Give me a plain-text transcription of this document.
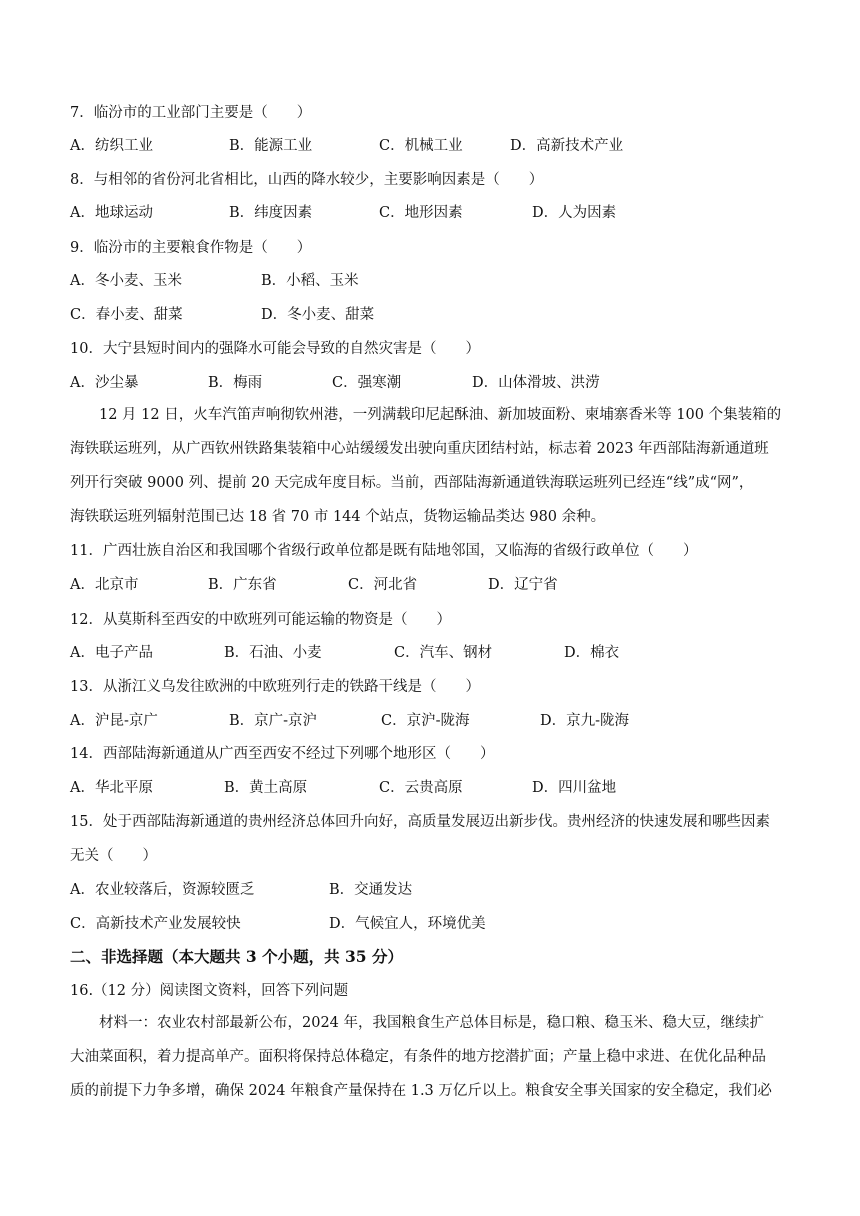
7．临汾市的工业部门主要是（　　）
A．纺织工业	B．能源工业	C．机械工业	D．高新技术产业
8．与相邻的省份河北省相比，山西的降水较少，主要影响因素是（　　）
A．地球运动	B．纬度因素	C．地形因素	D．人为因素
9．临汾市的主要粮食作物是（　　）
A．冬小麦、玉米	B．小稻、玉米
C．春小麦、甜菜	D．冬小麦、甜菜
10．大宁县短时间内的强降水可能会导致的自然灾害是（　　）
A．沙尘暴	B．梅雨	C．强寒潮	D．山体滑坡、洪涝
12 月 12 日，火车汽笛声响彻钦州港，一列满载印尼起酥油、新加坡面粉、柬埔寨香米等 100 个集装箱的
海铁联运班列，从广西钦州铁路集装箱中心站缓缓发出驶向重庆团结村站，标志着 2023 年西部陆海新通道班
列开行突破 9000 列、提前 20 天完成年度目标。当前，西部陆海新通道铁海联运班列已经连“线”成“网”，
海铁联运班列辐射范围已达 18 省 70 市 144 个站点，货物运输品类达 980 余种。
11．广西壮族自治区和我国哪个省级行政单位都是既有陆地邻国，又临海的省级行政单位（　　）
A．北京市	B．广东省	C．河北省	D．辽宁省
12．从莫斯科至西安的中欧班列可能运输的物资是（　　）
A．电子产品	B．石油、小麦	C．汽车、钢材	D．棉衣
13．从浙江义乌发往欧洲的中欧班列行走的铁路干线是（　　）
A．沪昆-京广	B．京广-京沪	C．京沪-陇海	D．京九-陇海
14．西部陆海新通道从广西至西安不经过下列哪个地形区（　　）
A．华北平原	B．黄土高原	C．云贵高原	D．四川盆地
15．处于西部陆海新通道的贵州经济总体回升向好，高质量发展迈出新步伐。贵州经济的快速发展和哪些因素
无关（　　）
A．农业较落后，资源较匮乏	B．交通发达
C．高新技术产业发展较快	D．气候宜人，环境优美
二、非选择题（本大题共 3 个小题，共 35 分）
16.（12 分）阅读图文资料，回答下列问题
材料一：农业农村部最新公布，2024 年，我国粮食生产总体目标是，稳口粮、稳玉米、稳大豆，继续扩
大油菜面积，着力提高单产。面积将保持总体稳定，有条件的地方挖潜扩面；产量上稳中求进、在优化品种品
质的前提下力争多增，确保 2024 年粮食产量保持在 1.3 万亿斤以上。粮食安全事关国家的安全稳定，我们必
